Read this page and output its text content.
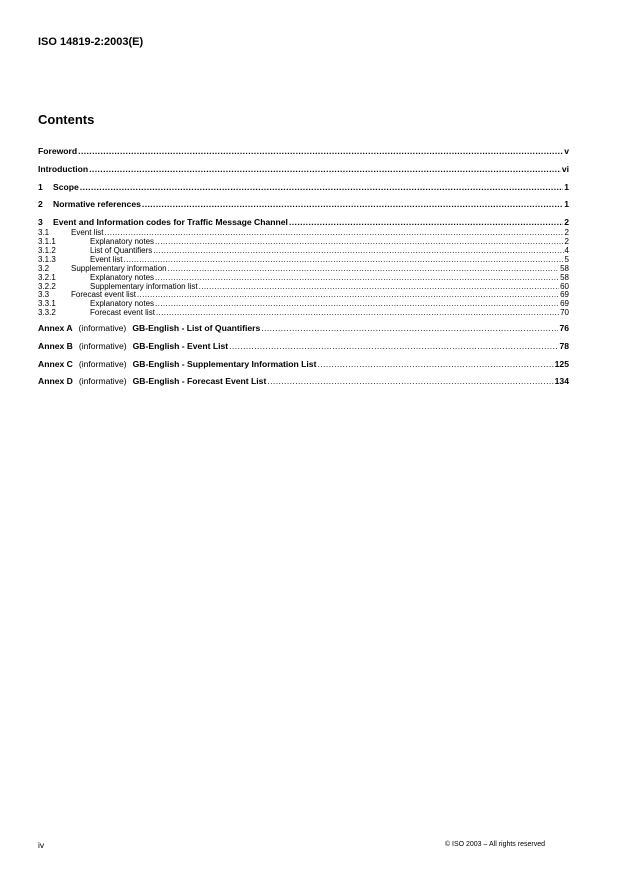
ISO 14819-2:2003(E)
Contents
Foreword .....	v
Introduction .....	vi
1	Scope .....	1
2	Normative references .....	1
3	Event and Information codes for Traffic Message Channel .....	2
3.1	Event list .....	2
3.1.1	Explanatory notes .....	2
3.1.2	List of Quantifiers .....	4
3.1.3	Event list .....	5
3.2	Supplementary information .....	58
3.2.1	Explanatory notes .....	58
3.2.2	Supplementary information list .....	60
3.3	Forecast event list .....	69
3.3.1	Explanatory notes .....	69
3.3.2	Forecast event list .....	70
Annex A (informative) GB-English - List of Quantifiers .....	76
Annex B (informative) GB-English - Event List .....	78
Annex C (informative) GB-English - Supplementary Information List .....	125
Annex D (informative) GB-English - Forecast Event List .....	134
iv	© ISO 2003 – All rights reserved
